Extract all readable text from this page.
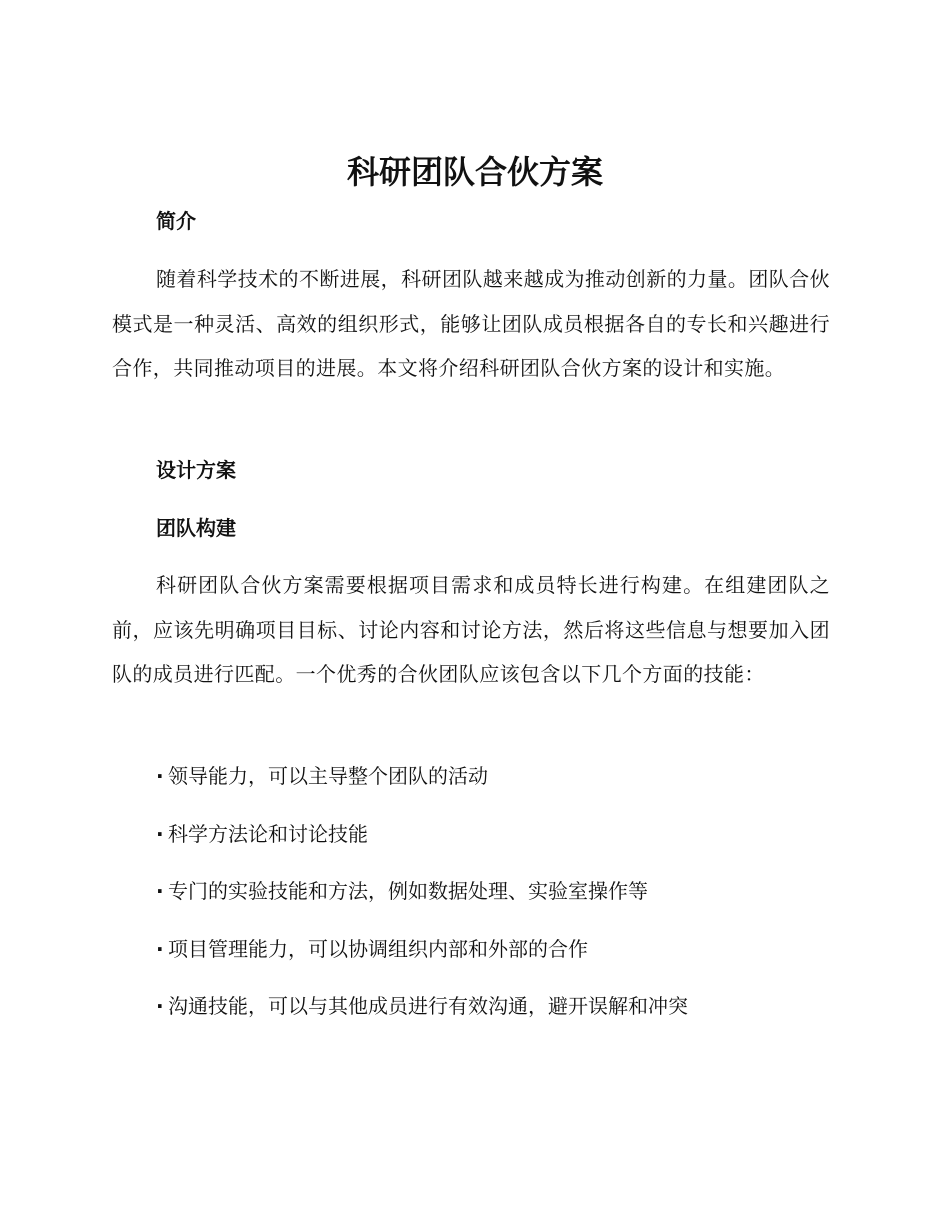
科研团队合伙方案
简介

随着科学技术的不断进展，科研团队越来越成为推动创新的力量。团队合伙模式是一种灵活、高效的组织形式，能够让团队成员根据各自的专长和兴趣进行合作，共同推动项目的进展。本文将介绍科研团队合伙方案的设计和实施。

设计方案
团队构建

科研团队合伙方案需要根据项目需求和成员特长进行构建。在组建团队之前，应该先明确项目目标、讨论内容和讨论方法，然后将这些信息与想要加入团队的成员进行匹配。一个优秀的合伙团队应该包含以下几个方面的技能：

· 领导能力，可以主导整个团队的活动
· 科学方法论和讨论技能
· 专门的实验技能和方法，例如数据处理、实验室操作等
· 项目管理能力，可以协调组织内部和外部的合作
· 沟通技能，可以与其他成员进行有效沟通，避开误解和冲突
